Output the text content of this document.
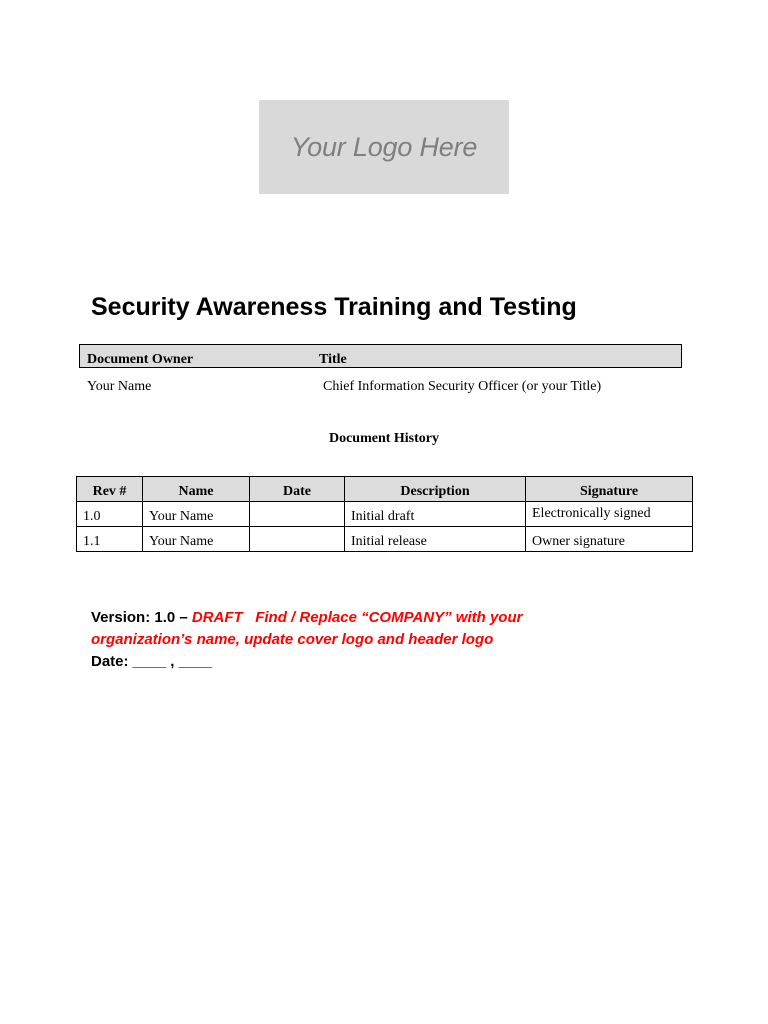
Your Logo Here
Security Awareness Training and Testing
Document Owner	Title
Your Name	Chief Information Security Officer (or your Title)
Document History
Rev #	Name	Date	Description	Signature
1.0	Your Name		Initial draft	Electronically signed
1.1	Your Name		Initial release	Owner signature
Version: 1.0 – DRAFT   Find / Replace “COMPANY” with your
organization’s name, update cover logo and header logo
Date: ____ , ____
